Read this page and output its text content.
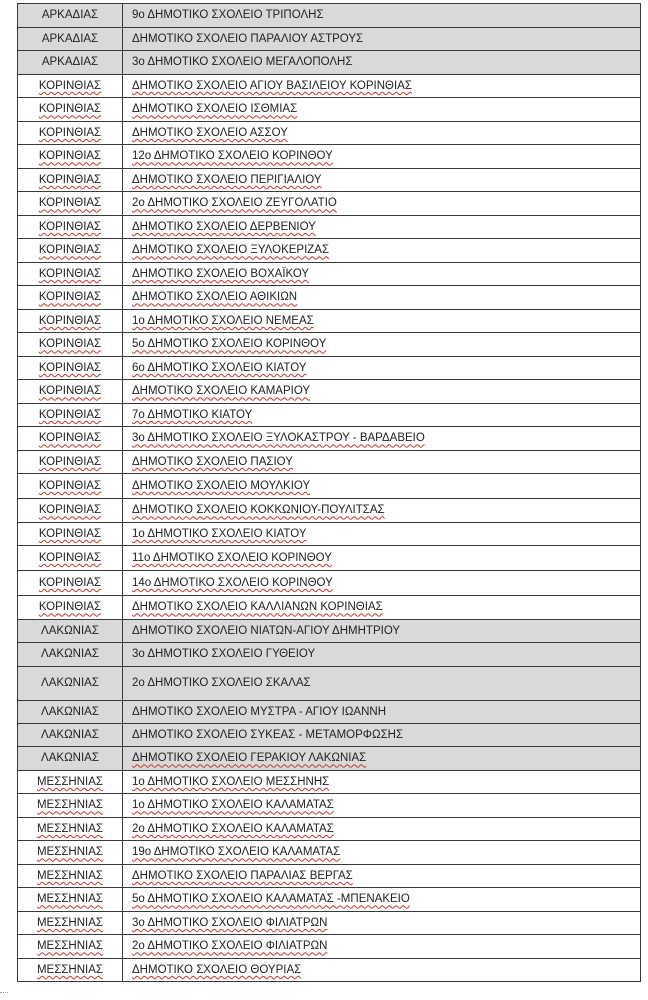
ΑΡΚΑΔΙΑΣ	9ο ΔΗΜΟΤΙΚΟ ΣΧΟΛΕΙΟ ΤΡΙΠΟΛΗΣ
ΑΡΚΑΔΙΑΣ	ΔΗΜΟΤΙΚΟ ΣΧΟΛΕΙΟ ΠΑΡΑΛΙΟΥ ΑΣΤΡΟΥΣ
ΑΡΚΑΔΙΑΣ	3ο ΔΗΜΟΤΙΚΟ ΣΧΟΛΕΙΟ ΜΕΓΑΛΟΠΟΛΗΣ
ΚΟΡΙΝΘΙΑΣ	ΔΗΜΟΤΙΚΟ ΣΧΟΛΕΙΟ ΑΓΙΟΥ ΒΑΣΙΛΕΙΟΥ ΚΟΡΙΝΘΙΑΣ
ΚΟΡΙΝΘΙΑΣ	ΔΗΜΟΤΙΚΟ ΣΧΟΛΕΙΟ ΙΣΘΜΙΑΣ
ΚΟΡΙΝΘΙΑΣ	ΔΗΜΟΤΙΚΟ ΣΧΟΛΕΙΟ ΑΣΣΟΥ
ΚΟΡΙΝΘΙΑΣ	12ο ΔΗΜΟΤΙΚΟ ΣΧΟΛΕΙΟ ΚΟΡΙΝΘΟΥ
ΚΟΡΙΝΘΙΑΣ	ΔΗΜΟΤΙΚΟ ΣΧΟΛΕΙΟ ΠΕΡΙΓΙΑΛΙΟΥ
ΚΟΡΙΝΘΙΑΣ	2ο ΔΗΜΟΤΙΚΟ ΣΧΟΛΕΙΟ ΖΕΥΓΟΛΑΤΙΟ
ΚΟΡΙΝΘΙΑΣ	ΔΗΜΟΤΙΚΟ ΣΧΟΛΕΙΟ ΔΕΡΒΕΝΙΟΥ
ΚΟΡΙΝΘΙΑΣ	ΔΗΜΟΤΙΚΟ ΣΧΟΛΕΙΟ ΞΥΛΟΚΕΡΙΖΑΣ
ΚΟΡΙΝΘΙΑΣ	ΔΗΜΟΤΙΚΟ ΣΧΟΛΕΙΟ ΒΟΧΑΪΚΟΥ
ΚΟΡΙΝΘΙΑΣ	ΔΗΜΟΤΙΚΟ ΣΧΟΛΕΙΟ ΑΘΙΚΙΩΝ
ΚΟΡΙΝΘΙΑΣ	1ο ΔΗΜΟΤΙΚΟ ΣΧΟΛΕΙΟ ΝΕΜΕΑΣ
ΚΟΡΙΝΘΙΑΣ	5ο ΔΗΜΟΤΙΚΟ ΣΧΟΛΕΙΟ ΚΟΡΙΝΘΟΥ
ΚΟΡΙΝΘΙΑΣ	6ο ΔΗΜΟΤΙΚΟ ΣΧΟΛΕΙΟ ΚΙΑΤΟΥ
ΚΟΡΙΝΘΙΑΣ	ΔΗΜΟΤΙΚΟ ΣΧΟΛΕΙΟ ΚΑΜΑΡΙΟΥ
ΚΟΡΙΝΘΙΑΣ	7ο ΔΗΜΟΤΙΚΟ ΚΙΑΤΟΥ
ΚΟΡΙΝΘΙΑΣ	3ο ΔΗΜΟΤΙΚΟ ΣΧΟΛΕΙΟ ΞΥΛΟΚΑΣΤΡΟΥ - ΒΑΡΔΑΒΕΙΟ
ΚΟΡΙΝΘΙΑΣ	ΔΗΜΟΤΙΚΟ ΣΧΟΛΕΙΟ ΠΑΣΙΟΥ
ΚΟΡΙΝΘΙΑΣ	ΔΗΜΟΤΙΚΟ ΣΧΟΛΕΙΟ ΜΟΥΛΚΙΟΥ
ΚΟΡΙΝΘΙΑΣ	ΔΗΜΟΤΙΚΟ ΣΧΟΛΕΙΟ ΚΟΚΚΩΝΙΟΥ-ΠΟΥΛΙΤΣΑΣ
ΚΟΡΙΝΘΙΑΣ	1ο ΔΗΜΟΤΙΚΟ ΣΧΟΛΕΙΟ ΚΙΑΤΟΥ
ΚΟΡΙΝΘΙΑΣ	11ο ΔΗΜΟΤΙΚΟ ΣΧΟΛΕΙΟ ΚΟΡΙΝΘΟΥ
ΚΟΡΙΝΘΙΑΣ	14ο ΔΗΜΟΤΙΚΟ ΣΧΟΛΕΙΟ ΚΟΡΙΝΘΟΥ
ΚΟΡΙΝΘΙΑΣ	ΔΗΜΟΤΙΚΟ ΣΧΟΛΕΙΟ ΚΑΛΛΙΑΝΩΝ ΚΟΡΙΝΘΙΑΣ
ΛΑΚΩΝΙΑΣ	ΔΗΜΟΤΙΚΟ ΣΧΟΛΕΙΟ ΝΙΑΤΩΝ-ΑΓΙΟΥ ΔΗΜΗΤΡΙΟΥ
ΛΑΚΩΝΙΑΣ	3ο ΔΗΜΟΤΙΚΟ ΣΧΟΛΕΙΟ ΓΥΘΕΙΟΥ
ΛΑΚΩΝΙΑΣ	2ο ΔΗΜΟΤΙΚΟ ΣΧΟΛΕΙΟ ΣΚΑΛΑΣ
ΛΑΚΩΝΙΑΣ	ΔΗΜΟΤΙΚΟ ΣΧΟΛΕΙΟ ΜΥΣΤΡΑ - ΑΓΙΟΥ ΙΩΑΝΝΗ
ΛΑΚΩΝΙΑΣ	ΔΗΜΟΤΙΚΟ ΣΧΟΛΕΙΟ ΣΥΚΕΑΣ - ΜΕΤΑΜΟΡΦΩΣΗΣ
ΛΑΚΩΝΙΑΣ	ΔΗΜΟΤΙΚΟ ΣΧΟΛΕΙΟ ΓΕΡΑΚΙΟΥ ΛΑΚΩΝΙΑΣ
ΜΕΣΣΗΝΙΑΣ	1ο ΔΗΜΟΤΙΚΟ ΣΧΟΛΕΙΟ ΜΕΣΣΗΝΗΣ
ΜΕΣΣΗΝΙΑΣ	1ο ΔΗΜΟΤΙΚΟ ΣΧΟΛΕΙΟ ΚΑΛΑΜΑΤΑΣ
ΜΕΣΣΗΝΙΑΣ	2ο ΔΗΜΟΤΙΚΟ ΣΧΟΛΕΙΟ ΚΑΛΑΜΑΤΑΣ
ΜΕΣΣΗΝΙΑΣ	19ο ΔΗΜΟΤΙΚΟ ΣΧΟΛΕΙΟ ΚΑΛΑΜΑΤΑΣ
ΜΕΣΣΗΝΙΑΣ	ΔΗΜΟΤΙΚΟ ΣΧΟΛΕΙΟ ΠΑΡΑΛΙΑΣ ΒΕΡΓΑΣ
ΜΕΣΣΗΝΙΑΣ	5ο ΔΗΜΟΤΙΚΟ ΣΧΟΛΕΙΟ ΚΑΛΑΜΑΤΑΣ -ΜΠΕΝΑΚΕΙΟ
ΜΕΣΣΗΝΙΑΣ	3ο ΔΗΜΟΤΙΚΟ ΣΧΟΛΕΙΟ ΦΙΛΙΑΤΡΩΝ
ΜΕΣΣΗΝΙΑΣ	2ο ΔΗΜΟΤΙΚΟ ΣΧΟΛΕΙΟ ΦΙΛΙΑΤΡΩΝ
ΜΕΣΣΗΝΙΑΣ	ΔΗΜΟΤΙΚΟ ΣΧΟΛΕΙΟ ΘΟΥΡΙΑΣ
